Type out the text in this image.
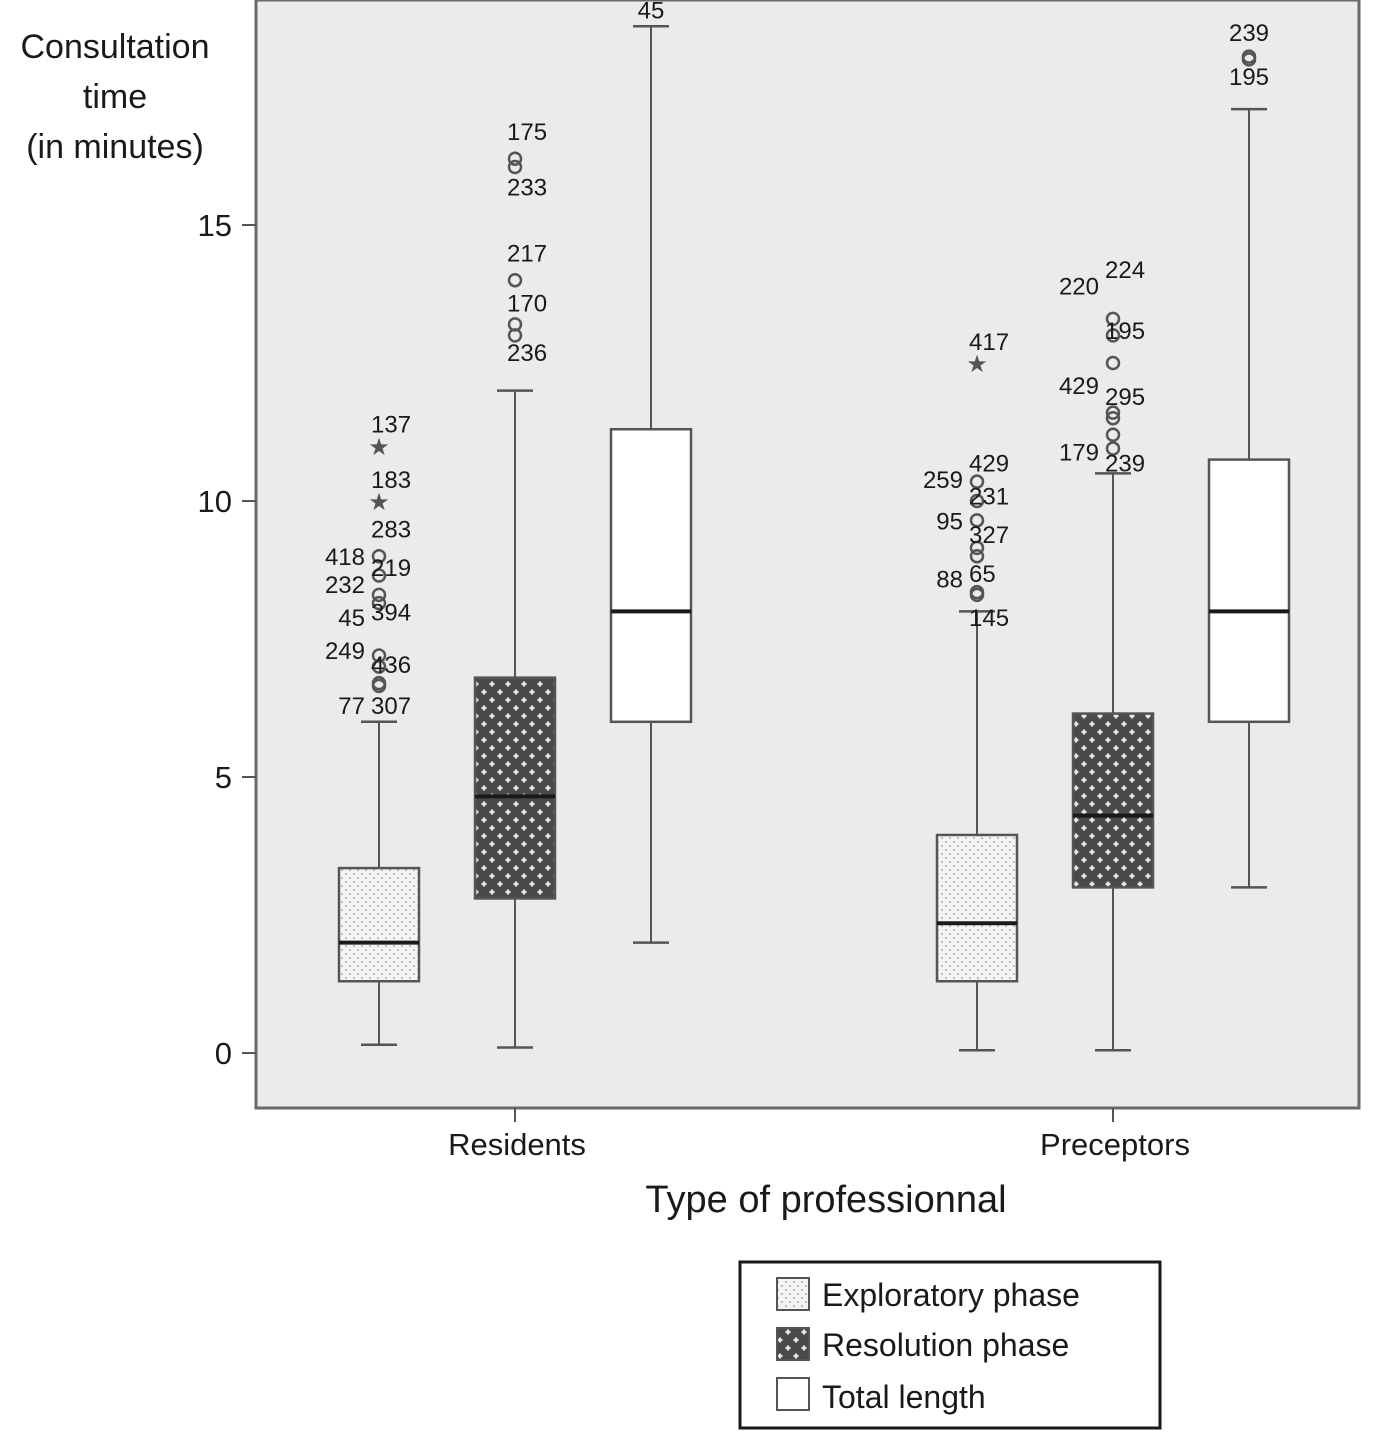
Consultation
time
(in minutes)
Type of professionnal
0
5
10
15
★
★
137
183
283
418 219
232
45 394
249
436
77 307
175
233
217
170
236
45
★
417
429
259
231
95
327
88 65
145
220
224
195
429 295
179 239
239
195
Residents	Preceptors
Exploratory phase
Resolution phase
Total length
